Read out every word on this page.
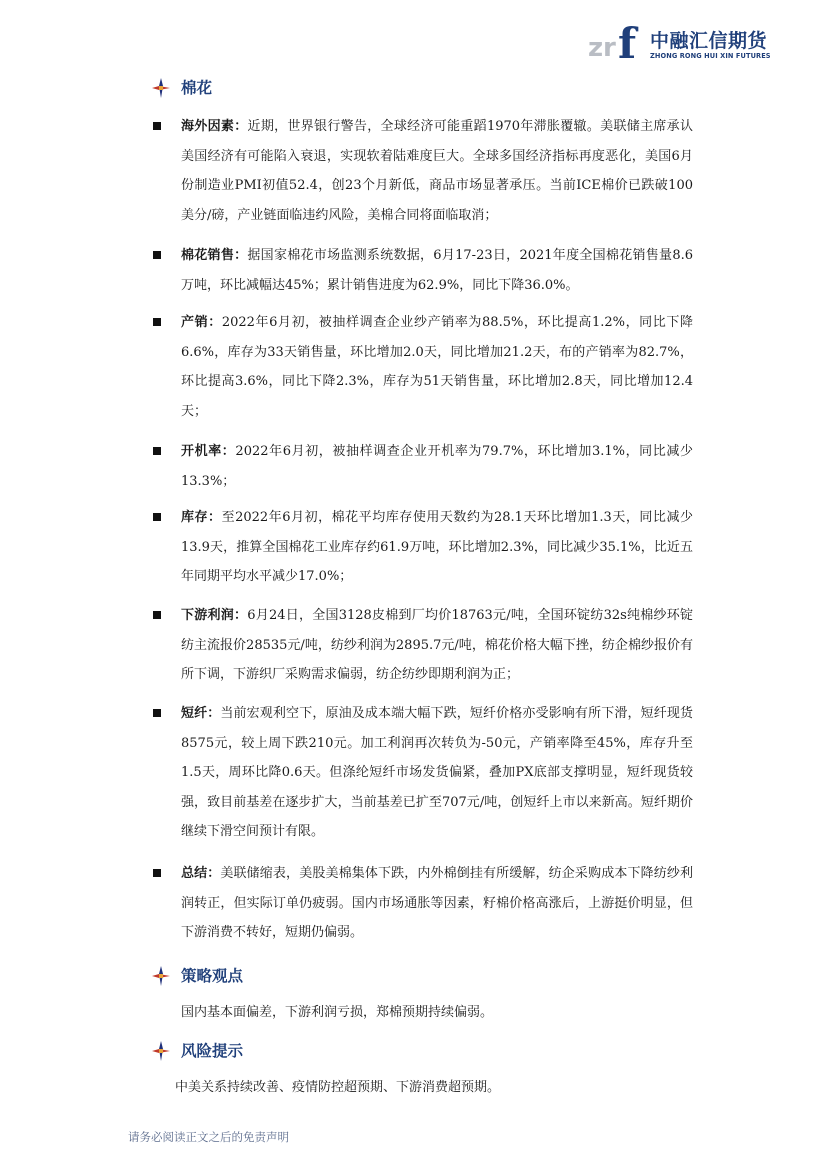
z r f 中融汇信期货
ZHONG RONG HUI XIN FUTURES
棉花

海外因素：近期，世界银行警告，全球经济可能重蹈1970年滞胀覆辙。美联储主席承认美国经济有可能陷入衰退，实现软着陆难度巨大。全球多国经济指标再度恶化，美国6月份制造业PMI初值52.4，创23个月新低，商品市场显著承压。当前ICE棉价已跌破100美分/磅，产业链面临违约风险，美棉合同将面临取消；

棉花销售：据国家棉花市场监测系统数据，6月17-23日，2021年度全国棉花销售量8.6万吨，环比减幅达45%；累计销售进度为62.9%，同比下降36.0%。

产销：2022年6月初，被抽样调查企业纱产销率为88.5%，环比提高1.2%，同比下降6.6%，库存为33天销售量，环比增加2.0天，同比增加21.2天，布的产销率为82.7%，环比提高3.6%，同比下降2.3%，库存为51天销售量，环比增加2.8天，同比增加12.4天；

开机率：2022年6月初，被抽样调查企业开机率为79.7%，环比增加3.1%，同比减少13.3%；

库存：至2022年6月初，棉花平均库存使用天数约为28.1天环比增加1.3天，同比减少13.9天，推算全国棉花工业库存约61.9万吨，环比增加2.3%，同比减少35.1%，比近五年同期平均水平减少17.0%；

下游利润：6月24日，全国3128皮棉到厂均价18763元/吨，全国环锭纺32s纯棉纱环锭纺主流报价28535元/吨，纺纱利润为2895.7元/吨，棉花价格大幅下挫，纺企棉纱报价有所下调，下游织厂采购需求偏弱，纺企纺纱即期利润为正；

短纤：当前宏观利空下，原油及成本端大幅下跌，短纤价格亦受影响有所下滑，短纤现货8575元，较上周下跌210元。加工利润再次转负为-50元，产销率降至45%，库存升至1.5天，周环比降0.6天。但涤纶短纤市场发货偏紧，叠加PX底部支撑明显，短纤现货较强，致目前基差在逐步扩大，当前基差已扩至707元/吨，创短纤上市以来新高。短纤期价继续下滑空间预计有限。

总结：美联储缩表，美股美棉集体下跌，内外棉倒挂有所缓解，纺企采购成本下降纺纱利润转正，但实际订单仍疲弱。国内市场通胀等因素，籽棉价格高涨后，上游挺价明显，但下游消费不转好，短期仍偏弱。

策略观点

国内基本面偏差，下游利润亏损，郑棉预期持续偏弱。

风险提示

中美关系持续改善、疫情防控超预期、下游消费超预期。

请务必阅读正文之后的免责声明
